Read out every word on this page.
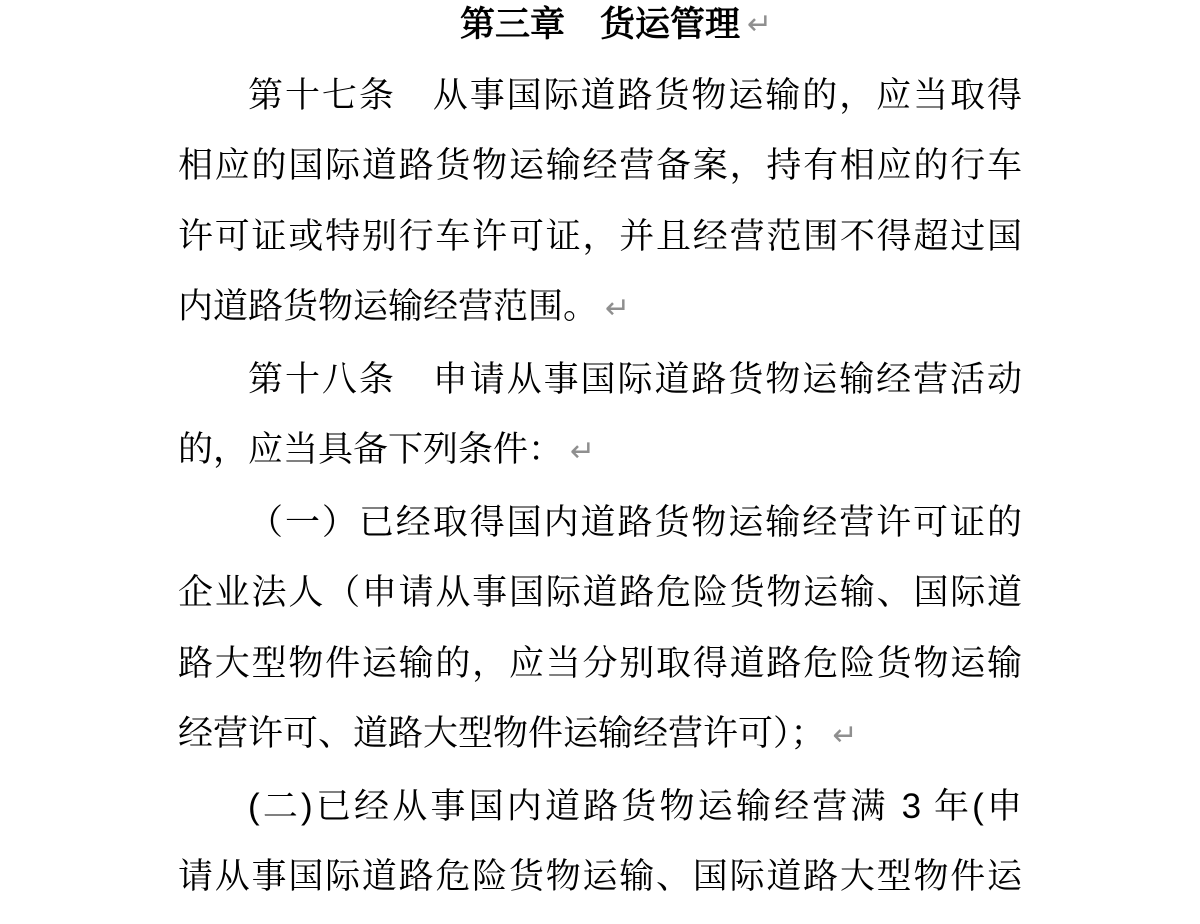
第三章　货运管理 ↵
第十七条　从事国际道路货物运输的，应当取得
相应的国际道路货物运输经营备案，持有相应的行车
许可证或特别行车许可证，并且经营范围不得超过国
内道路货物运输经营范围。 ↵
第十八条　申请从事国际道路货物运输经营活动
的，应当具备下列条件： ↵
（一）已经取得国内道路货物运输经营许可证的
企业法人（申请从事国际道路危险货物运输、国际道
路大型物件运输的，应当分别取得道路危险货物运输
经营许可、道路大型物件运输经营许可）； ↵
(二)已经从事国内道路货物运输经营满 3 年(申
请从事国际道路危险货物运输、国际道路大型物件运
